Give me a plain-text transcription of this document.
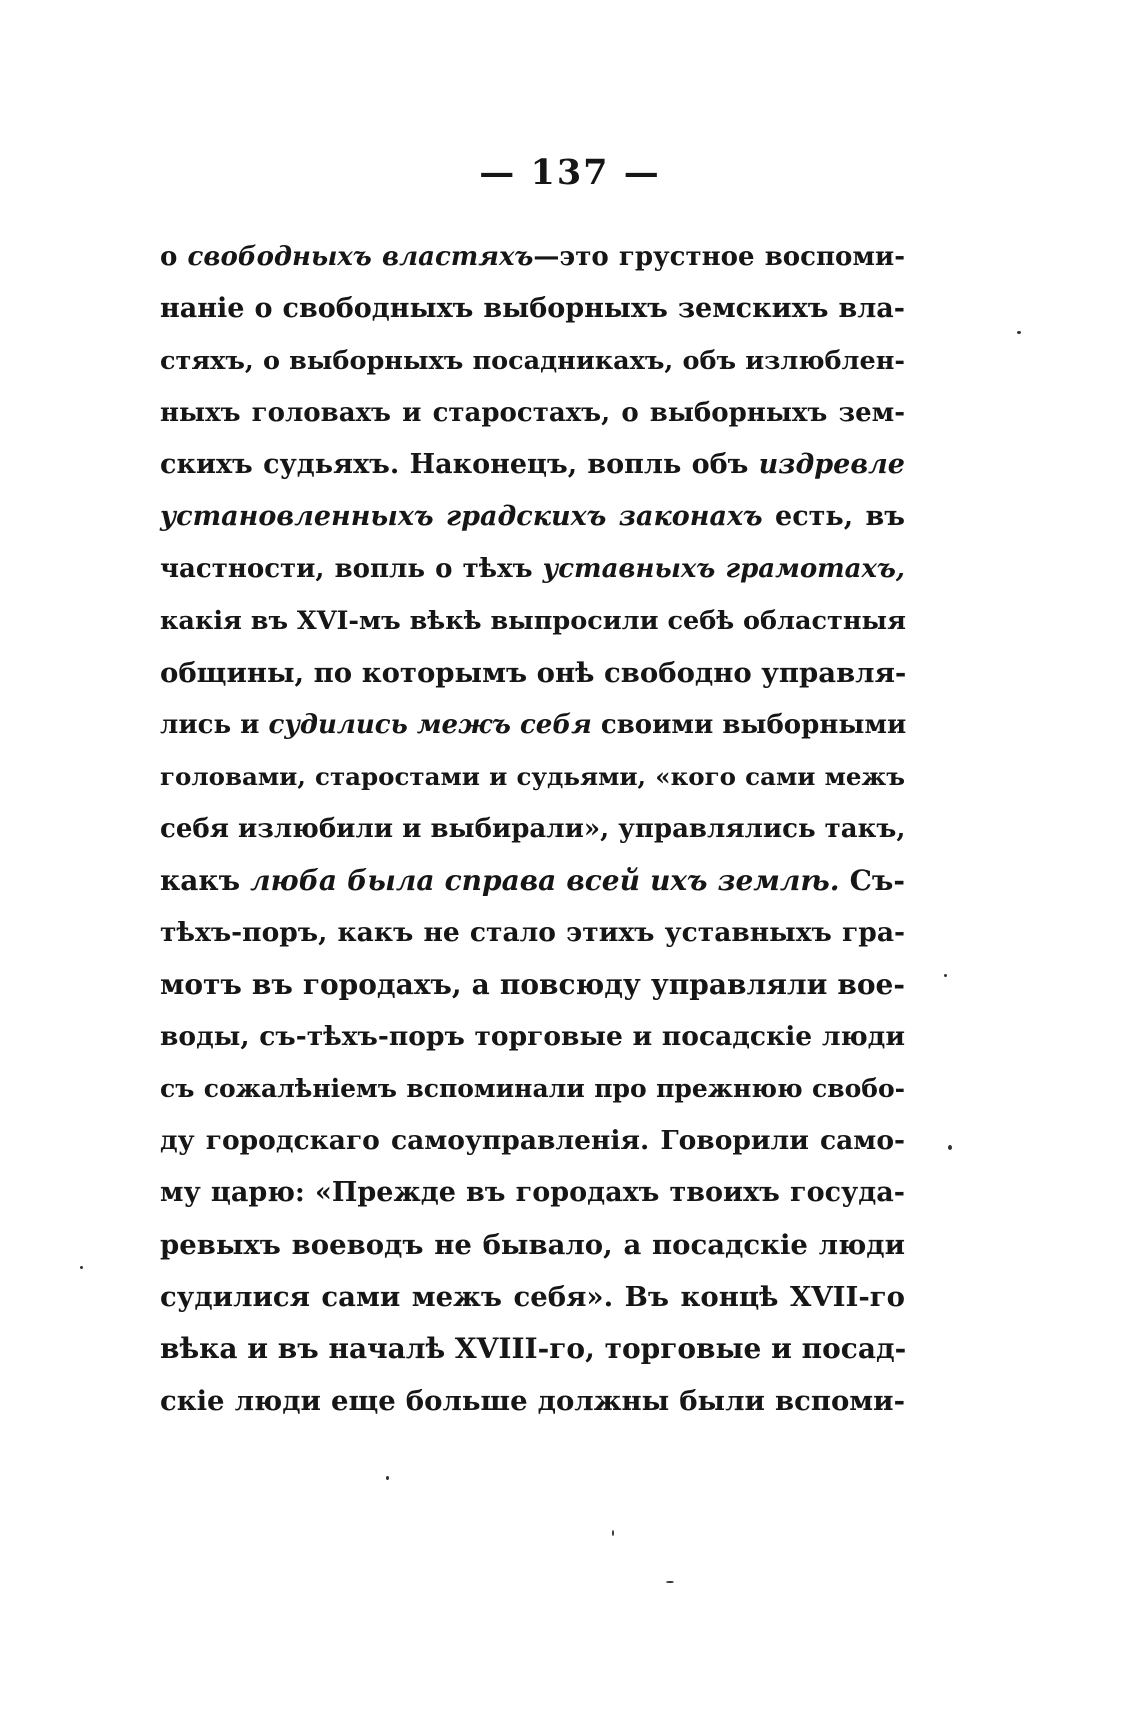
— 137 —
о свободныхъ властяхъ—это грустное воспоми-
наніе о свободныхъ выборныхъ земскихъ вла-
стяхъ, о выборныхъ посадникахъ, объ излюблен-
ныхъ головахъ и старостахъ, о выборныхъ зем-
скихъ судьяхъ. Наконецъ, вопль объ издревле
установленныхъ градскихъ законахъ есть, въ
частности, вопль о тѣхъ уставныхъ грамотахъ,
какія въ XVI-мъ вѣкѣ выпросили себѣ областныя
общины, по которымъ онѣ свободно управля-
лись и судились межъ себя своими выборными
головами, старостами и судьями, «кого сами межъ
себя излюбили и выбирали», управлялись такъ,
какъ люба была справа всей ихъ землѣ. Съ-
тѣхъ-поръ, какъ не стало этихъ уставныхъ гра-
мотъ въ городахъ, а повсюду управляли вое-
воды, съ-тѣхъ-поръ торговые и посадскіе люди
съ сожалѣніемъ вспоминали про прежнюю свобо-
ду городскаго самоуправленія. Говорили само-
му царю: «Прежде въ городахъ твоихъ госуда-
ревыхъ воеводъ не бывало, а посадскіе люди
судилися сами межъ себя». Въ концѣ XVII-го
вѣка и въ началѣ XVIII-го, торговые и посад-
скіе люди еще больше должны были вспоми-
